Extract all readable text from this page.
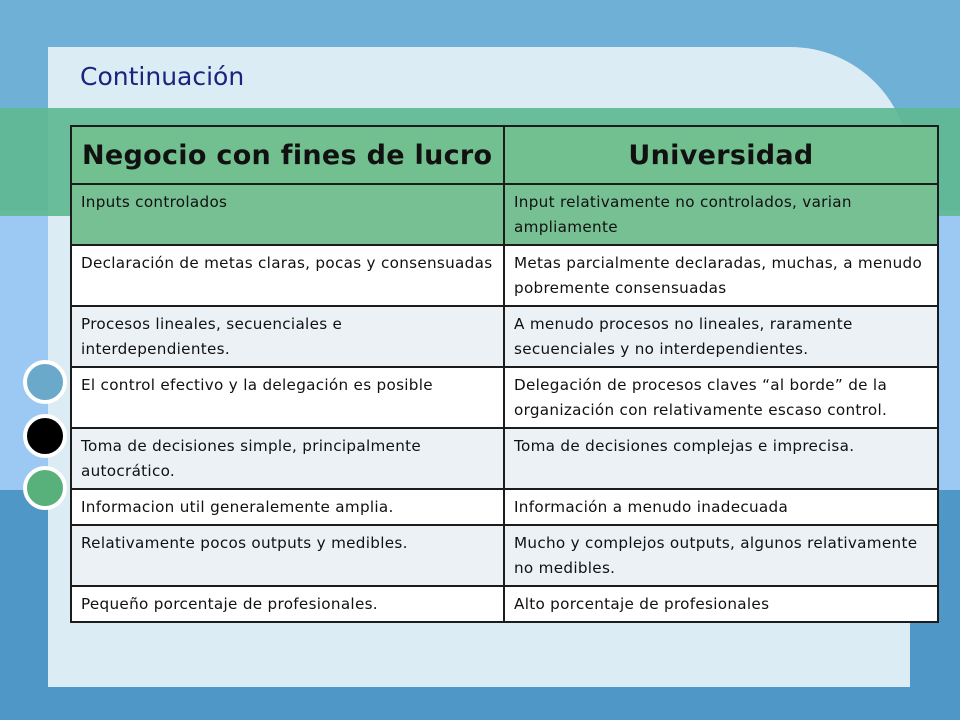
Continuación
Negocio con fines de lucro	Universidad
Inputs controlados	Input relativamente no controlados, varian ampliamente
Declaración de metas claras, pocas y consensuadas	Metas parcialmente declaradas, muchas, a menudo pobremente consensuadas
Procesos lineales, secuenciales e interdependientes.	A menudo procesos no lineales, raramente secuenciales y no interdependientes.
El control efectivo y la delegación es posible	Delegación de procesos claves “al borde” de la organización con relativamente escaso control.
Toma de decisiones simple, principalmente autocrático.	Toma de decisiones complejas e imprecisa.
Informacion util generalemente amplia.	Información a menudo inadecuada
Relativamente pocos outputs y medibles.	Mucho y complejos outputs, algunos relativamente no medibles.
Pequeño porcentaje de profesionales.	Alto porcentaje de profesionales
